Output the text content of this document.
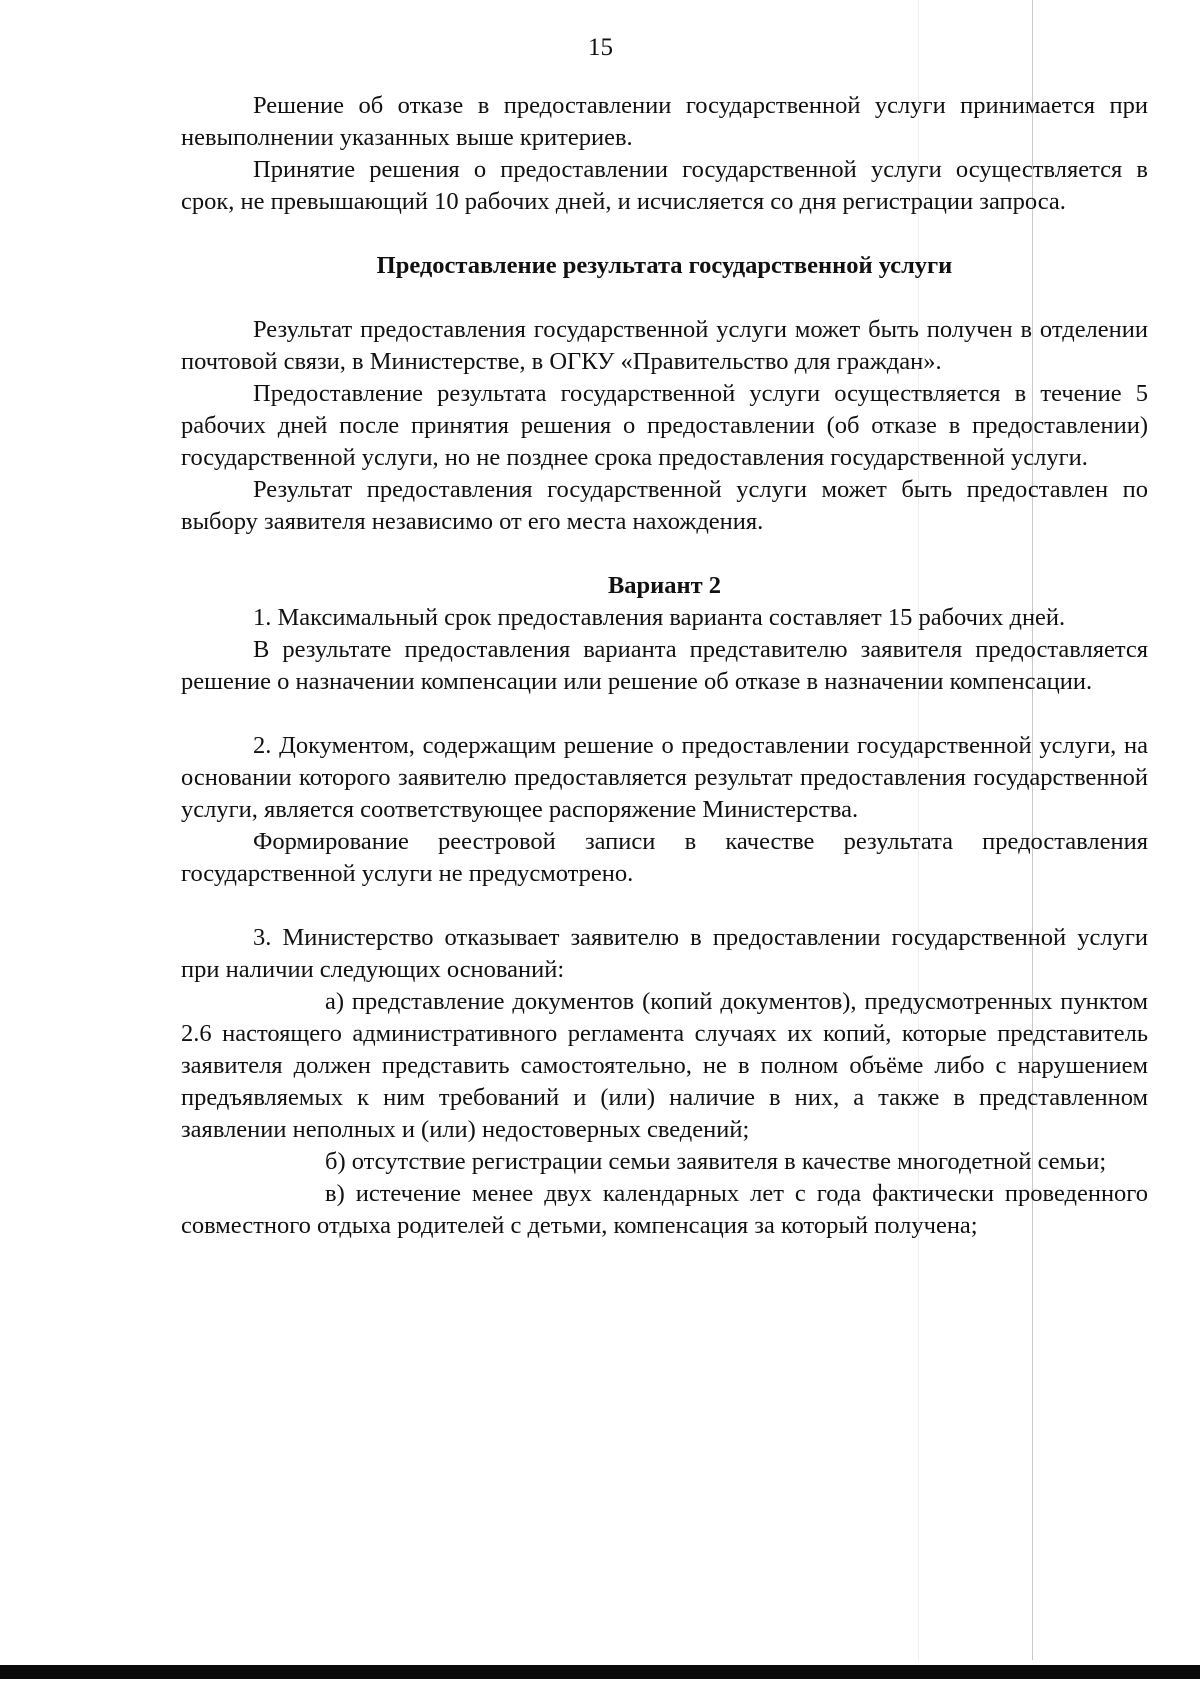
15

Решение об отказе в предоставлении государственной услуги принимается при невыполнении указанных выше критериев.

Принятие решения о предоставлении государственной услуги осуществляется в срок, не превышающий 10 рабочих дней, и исчисляется со дня регистрации запроса.

Предоставление результата государственной услуги

Результат предоставления государственной услуги может быть получен в отделении почтовой связи, в Министерстве, в ОГКУ «Правительство для граждан».

Предоставление результата государственной услуги осуществляется в течение 5 рабочих дней после принятия решения о предоставлении (об отказе в предоставлении) государственной услуги, но не позднее срока предоставления государственной услуги.

Результат предоставления государственной услуги может быть предоставлен по выбору заявителя независимо от его места нахождения.

Вариант 2

1. Максимальный срок предоставления варианта составляет 15 рабочих дней.

В результате предоставления варианта представителю заявителя предоставляется решение о назначении компенсации или решение об отказе в назначении компенсации.

2. Документом, содержащим решение о предоставлении государственной услуги, на основании которого заявителю предоставляется результат предоставления государственной услуги, является соответствующее распоряжение Министерства.

Формирование реестровой записи в качестве результата предоставления государственной услуги не предусмотрено.

3. Министерство отказывает заявителю в предоставлении государственной услуги при наличии следующих оснований:

а) представление документов (копий документов), предусмотренных пунктом 2.6 настоящего административного регламента случаях их копий, которые представитель заявителя должен представить самостоятельно, не в полном объёме либо с нарушением предъявляемых к ним требований и (или) наличие в них, а также в представленном заявлении неполных и (или) недостоверных сведений;

б) отсутствие регистрации семьи заявителя в качестве многодетной семьи;

в) истечение менее двух календарных лет с года фактически проведенного совместного отдыха родителей с детьми, компенсация за который получена;
